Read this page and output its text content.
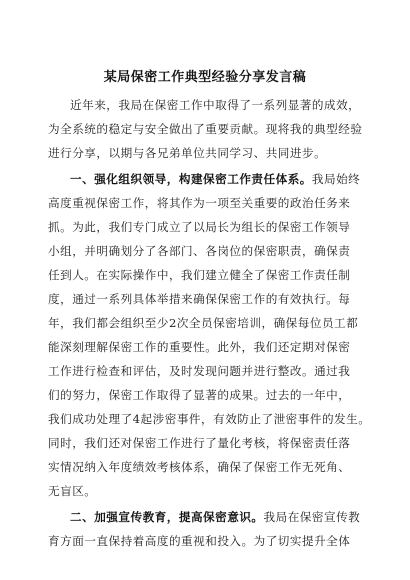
某局保密工作典型经验分享发言稿
近年来，我局在保密工作中取得了一系列显著的成效，
为全系统的稳定与安全做出了重要贡献。现将我的典型经验
进行分享，以期与各兄弟单位共同学习、共同进步。
一、强化组织领导，构建保密工作责任体系。我局始终
高度重视保密工作，将其作为一项至关重要的政治任务来
抓。为此，我们专门成立了以局长为组长的保密工作领导
小组，并明确划分了各部门、各岗位的保密职责，确保责
任到人。在实际操作中，我们建立健全了保密工作责任制
度，通过一系列具体举措来确保保密工作的有效执行。每
年，我们都会组织至少2次全员保密培训，确保每位员工都
能深刻理解保密工作的重要性。此外，我们还定期对保密
工作进行检查和评估，及时发现问题并进行整改。通过我
们的努力，保密工作取得了显著的成果。过去的一年中，
我们成功处理了4起涉密事件，有效防止了泄密事件的发生。
同时，我们还对保密工作进行了量化考核，将保密责任落
实情况纳入年度绩效考核体系，确保了保密工作无死角、
无盲区。
二、加强宣传教育，提高保密意识。我局在保密宣传教
育方面一直保持着高度的重视和投入。为了切实提升全体
